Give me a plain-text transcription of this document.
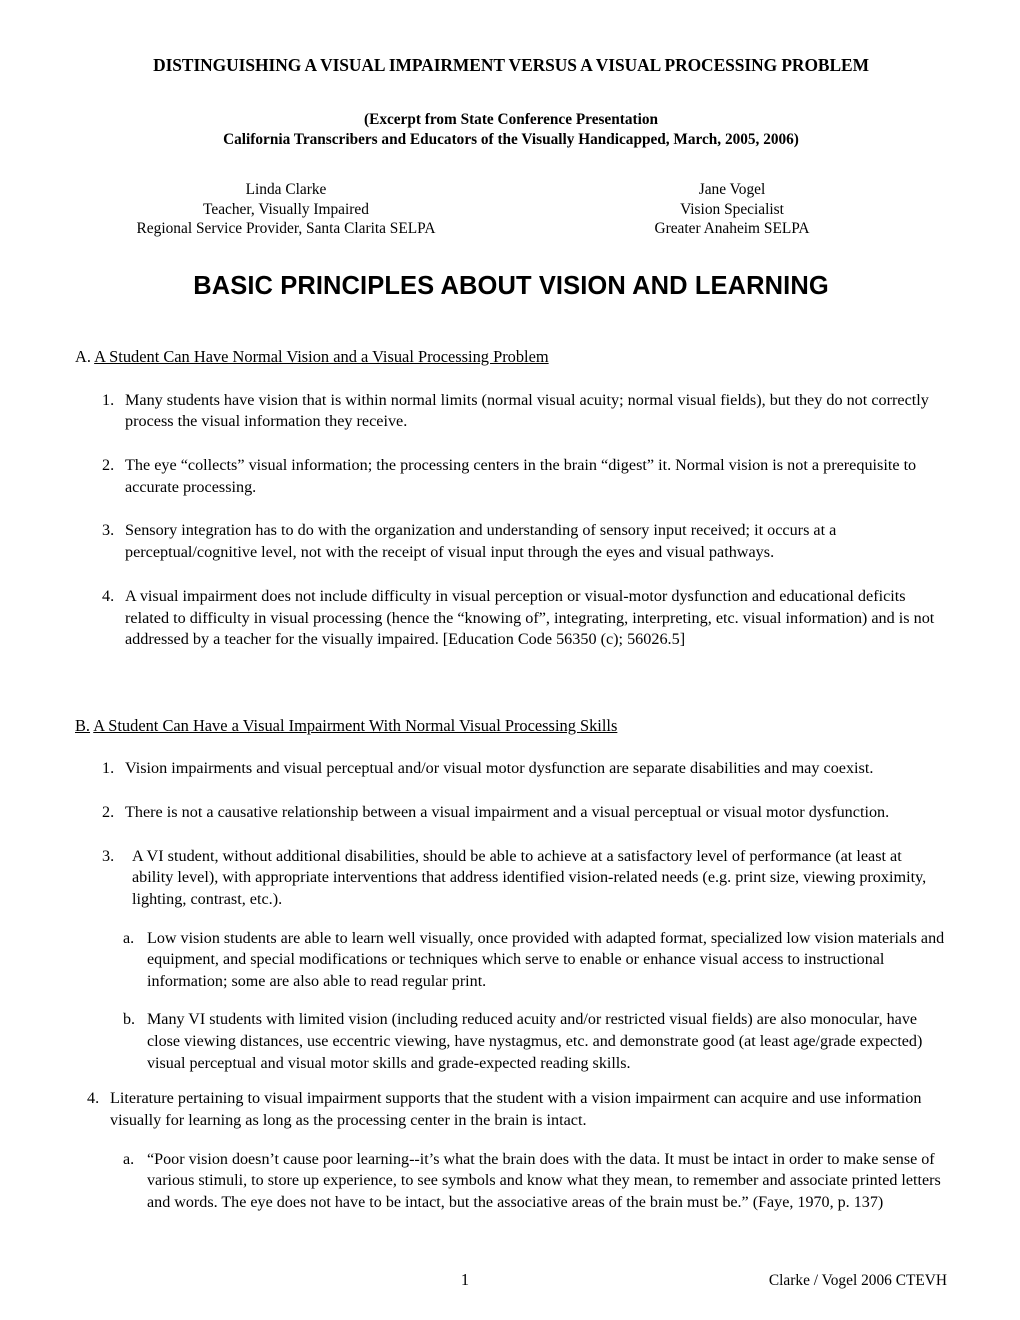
DISTINGUISHING A VISUAL IMPAIRMENT VERSUS A VISUAL PROCESSING PROBLEM
(Excerpt from State Conference Presentation
California Transcribers and Educators of the Visually Handicapped, March, 2005, 2006)
Linda Clarke
Teacher, Visually Impaired
Regional Service Provider, Santa Clarita SELPA
Jane Vogel
Vision Specialist
Greater Anaheim SELPA
BASIC PRINCIPLES ABOUT VISION AND LEARNING
A. A Student Can Have Normal Vision and a Visual Processing Problem
1. Many students have vision that is within normal limits (normal visual acuity; normal visual fields), but they do not correctly process the visual information they receive.
2. The eye “collects” visual information; the processing centers in the brain “digest” it. Normal vision is not a prerequisite to accurate processing.
3. Sensory integration has to do with the organization and understanding of sensory input received; it occurs at a perceptual/cognitive level, not with the receipt of visual input through the eyes and visual pathways.
4. A visual impairment does not include difficulty in visual perception or visual-motor dysfunction and educational deficits related to difficulty in visual processing (hence the “knowing of”, integrating, interpreting, etc. visual information) and is not addressed by a teacher for the visually impaired. [Education Code 56350 (c); 56026.5]
B. A Student Can Have a Visual Impairment With Normal Visual Processing Skills
1. Vision impairments and visual perceptual and/or visual motor dysfunction are separate disabilities and may coexist.
2. There is not a causative relationship between a visual impairment and a visual perceptual or visual motor dysfunction.
3.	A VI student, without additional disabilities, should be able to achieve at a satisfactory level of performance (at least at ability level), with appropriate interventions that address identified vision-related needs (e.g. print size, viewing proximity, lighting, contrast, etc.).
a. Low vision students are able to learn well visually, once provided with adapted format, specialized low vision materials and equipment, and special modifications or techniques which serve to enable or enhance visual access to instructional information; some are also able to read regular print.
b. Many VI students with limited vision (including reduced acuity and/or restricted visual fields) are also monocular, have close viewing distances, use eccentric viewing, have nystagmus, etc. and demonstrate good (at least age/grade expected) visual perceptual and visual motor skills and grade-expected reading skills.
4. Literature pertaining to visual impairment supports that the student with a vision impairment can acquire and use information visually for learning as long as the processing center in the brain is intact.
a. “Poor vision doesn’t cause poor learning--it’s what the brain does with the data. It must be intact in order to make sense of various stimuli, to store up experience, to see symbols and know what they mean, to remember and associate printed letters and words. The eye does not have to be intact, but the associative areas of the brain must be.” (Faye, 1970, p. 137)
1	Clarke / Vogel 2006 CTEVH
